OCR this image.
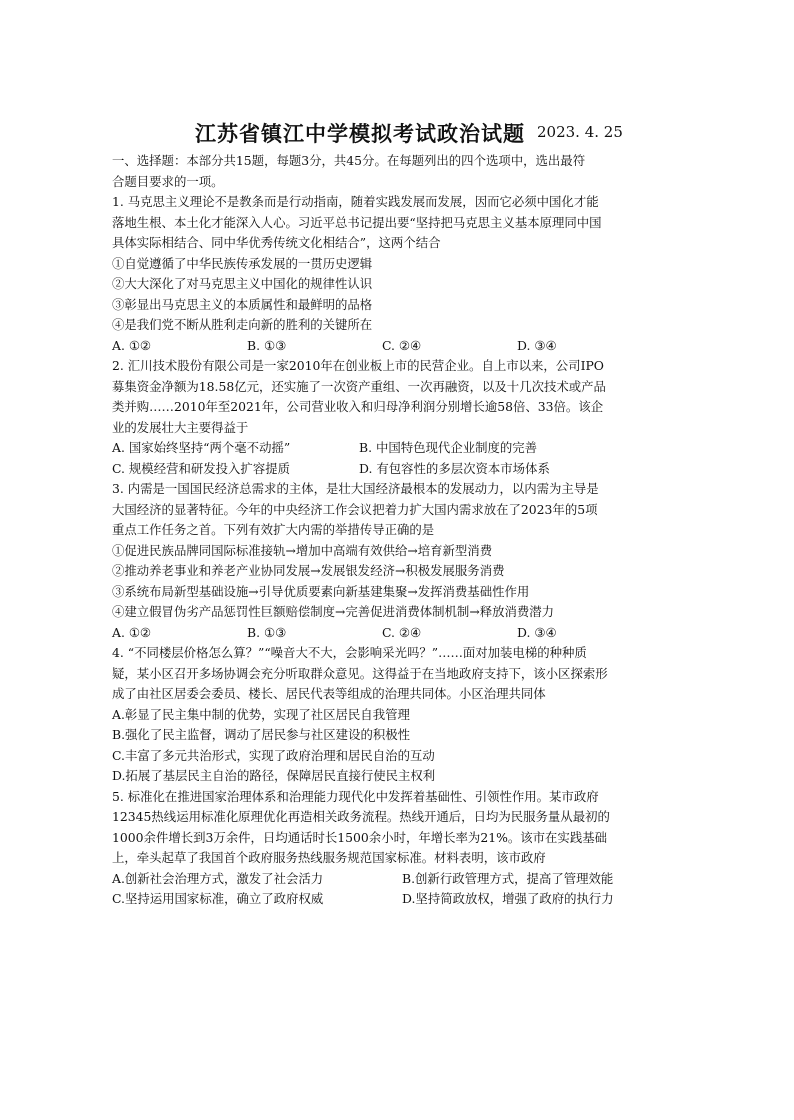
江苏省镇江中学模拟考试政治试题 2023. 4. 25

一、选择题：本部分共15题，每题3分，共45分。在每题列出的四个选项中，选出最符

合题目要求的一项。

1. 马克思主义理论不是教条而是行动指南，随着实践发展而发展，因而它必须中国化才能

落地生根、本土化才能深入人心。习近平总书记提出要“坚持把马克思主义基本原理同中国

具体实际相结合、同中华优秀传统文化相结合”，这两个结合

①自觉遵循了中华民族传承发展的一贯历史逻辑

②大大深化了对马克思主义中国化的规律性认识

③彰显出马克思主义的本质属性和最鲜明的品格

④是我们党不断从胜利走向新的胜利的关键所在

A. ①②	B. ①③	C. ②④	D. ③④

2. 汇川技术股份有限公司是一家2010年在创业板上市的民营企业。自上市以来，公司IPO

募集资金净额为18.58亿元，还实施了一次资产重组、一次再融资，以及十几次技术或产品

类并购……2010年至2021年，公司营业收入和归母净利润分别增长逾58倍、33倍。该企

业的发展壮大主要得益于

A. 国家始终坚持“两个毫不动摇”	B. 中国特色现代企业制度的完善
C. 规模经营和研发投入扩容提质	D. 有包容性的多层次资本市场体系

3. 内需是一国国民经济总需求的主体，是壮大国经济最根本的发展动力，以内需为主导是

大国经济的显著特征。今年的中央经济工作会议把着力扩大国内需求放在了2023年的5项

重点工作任务之首。下列有效扩大内需的举措传导正确的是

①促进民族品牌同国际标准接轨→增加中高端有效供给→培育新型消费

②推动养老事业和养老产业协同发展→发展银发经济→积极发展服务消费

③系统布局新型基础设施→引导优质要素向新基建集聚→发挥消费基础性作用

④建立假冒伪劣产品惩罚性巨额赔偿制度→完善促进消费体制机制→释放消费潜力

A. ①②	B. ①③	C. ②④	D. ③④

4. “不同楼层价格怎么算？”“噪音大不大，会影响采光吗？”……面对加装电梯的种种质

疑，某小区召开多场协调会充分听取群众意见。这得益于在当地政府支持下，该小区探索形

成了由社区居委会委员、楼长、居民代表等组成的治理共同体。小区治理共同体

A.彰显了民主集中制的优势，实现了社区居民自我管理

B.强化了民主监督，调动了居民参与社区建设的积极性

C.丰富了多元共治形式，实现了政府治理和居民自治的互动

D.拓展了基层民主自治的路径，保障居民直接行使民主权利

5. 标准化在推进国家治理体系和治理能力现代化中发挥着基础性、引领性作用。某市政府

12345热线运用标准化原理优化再造相关政务流程。热线开通后，日均为民服务量从最初的

1000余件增长到3万余件，日均通话时长1500余小时，年增长率为21%。该市在实践基础

上，牵头起草了我国首个政府服务热线服务规范国家标准。材料表明，该市政府

A.创新社会治理方式，激发了社会活力	B.创新行政管理方式，提高了管理效能
C.坚持运用国家标准，确立了政府权威	D.坚持简政放权，增强了政府的执行力
